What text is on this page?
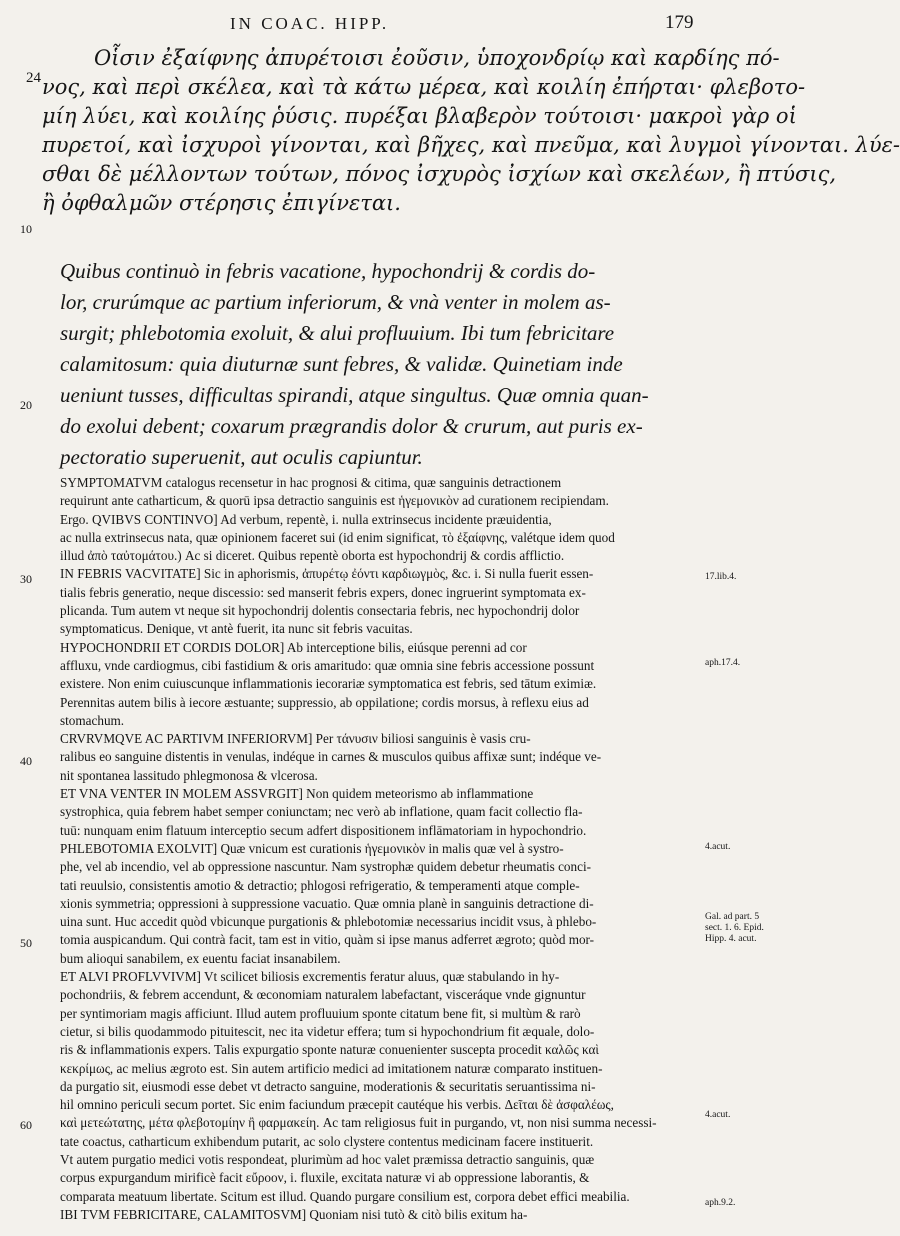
IN COAC. HIPP.	179
24
10
20
30
40
50
60

Οἷσιν ἐξαίφνης ἀπυρέτοισι ἐοῦσιν, ὑποχονδρίῳ καὶ καρδίης πό-

νος, καὶ περὶ σκέλεα, καὶ τὰ κάτω μέρεα, καὶ κοιλίη ἐπήρται· φλεβοτο-

μίη λύει, καὶ κοιλίης ῥύσις. πυρέξαι βλαβερὸν τούτοισι· μακροὶ γὰρ οἱ

πυρετοί, καὶ ἰσχυροὶ γίνονται, καὶ βῆχες, καὶ πνεῦμα, καὶ λυγμοὶ γίνονται. λύε-

σθαι δὲ μέλλοντων τούτων, πόνος ἰσχυρὸς ἰσχίων καὶ σκελέων, ἢ πτύσις,

ἢ ὀφθαλμῶν στέρησις ἐπιγίνεται.

Quibus continuò in febris vacatione, hypochondrij & cordis do-

lor, crurúmque ac partium inferiorum, & vnà venter in molem as-

surgit; phlebotomia exoluit, & alui profluuium. Ibi tum febricitare

calamitosum: quia diuturnæ sunt febres, & validæ. Quinetiam inde

ueniunt tusses, difficultas spirandi, atque singultus. Quæ omnia quan-

do exolui debent; coxarum prægrandis dolor & crurum, aut puris ex-

pectoratio superuenit, aut oculis capiuntur.

SYMPTOMATVM catalogus recensetur in hac prognosi & citima, quæ sanguinis detractionem

requirunt ante catharticum, & quorū ipsa detractio sanguinis est ἡγεμονικὸν ad curationem recipiendam.

Ergo. QVIBVS CONTINVO] Ad verbum, repentè, i. nulla extrinsecus incidente præuidentia,

ac nulla extrinsecus nata, quæ opinionem faceret sui (id enim significat, τὸ ἐξαίφνης, valétque idem quod

illud ἀπὸ ταὐτομάτου.) Ac si diceret. Quibus repentè oborta est hypochondrij & cordis afflictio.

IN FEBRIS VACVITATE] Sic in aphorismis, ἀπυρέτῳ ἐόντι καρδιωγμὸς, &c. i. Si nulla fuerit essen-

tialis febris generatio, neque discessio: sed manserit febris expers, donec ingruerint symptomata ex-

plicanda. Tum autem vt neque sit hypochondrij dolentis consectaria febris, nec hypochondrij dolor

symptomaticus. Denique, vt antè fuerit, ita nunc sit febris vacuitas.

HYPOCHONDRII ET CORDIS DOLOR] Ab interceptione bilis, eiúsque perenni ad cor

affluxu, vnde cardiogmus, cibi fastidium & oris amaritudo: quæ omnia sine febris accessione possunt

existere. Non enim cuiuscunque inflammationis iecorariæ symptomatica est febris, sed tātum eximiæ.

Perennitas autem bilis à iecore æstuante; suppressio, ab oppilatione; cordis morsus, à reflexu eius ad

stomachum.

CRVRVMQVE AC PARTIVM INFERIORVM] Per τάνυσιν biliosi sanguinis è vasis cru-

ralibus eo sanguine distentis in venulas, indéque in carnes & musculos quibus affixæ sunt; indéque ve-

nit spontanea lassitudo phlegmonosa & vlcerosa.

ET VNA VENTER IN MOLEM ASSVRGIT] Non quidem meteorismo ab inflammatione

systrophica, quia febrem habet semper coniunctam; nec verò ab inflatione, quam facit collectio fla-

tuū: nunquam enim flatuum interceptio secum adfert dispositionem inflāmatoriam in hypochondrio.

PHLEBOTOMIA EXOLVIT] Quæ vnicum est curationis ἡγεμονικὸν in malis quæ vel à systro-

phe, vel ab incendio, vel ab oppressione nascuntur. Nam systrophæ quidem debetur rheumatis conci-

tati reuulsio, consistentis amotio & detractio; phlogosi refrigeratio, & temperamenti atque comple-

xionis symmetria; oppressioni à suppressione vacuatio. Quæ omnia planè in sanguinis detractione di-

uina sunt. Huc accedit quòd vbicunque purgationis & phlebotomiæ necessarius incidit vsus, à phlebo-

tomia auspicandum. Qui contrà facit, tam est in vitio, quàm si ipse manus adferret ægroto; quòd mor-

bum alioqui sanabilem, ex euentu faciat insanabilem.

ET ALVI PROFLVVIVM] Vt scilicet biliosis excrementis feratur aluus, quæ stabulando in hy-

pochondriis, & febrem accendunt, & œconomiam naturalem labefactant, visceráque vnde gignuntur

per syntimoriam magis afficiunt. Illud autem profluuium sponte citatum bene fit, si multùm & rarò

cietur, si bilis quodammodo pituitescit, nec ita videtur effera; tum si hypochondrium fit æquale, dolo-

ris & inflammationis expers. Talis expurgatio sponte naturæ conuenienter suscepta procedit καλῶς καὶ

κεκρίμως, ac melius ægroto est. Sin autem artificio medici ad imitationem naturæ comparato instituen-

da purgatio sit, eiusmodi esse debet vt detracto sanguine, moderationis & securitatis seruantissima ni-

hil omnino periculi secum portet. Sic enim faciundum præcepit cautéque his verbis. Δεῖται δὲ ἀσφαλέως,

καὶ μετεώτατης, μέτα φλεβοτομίην ἢ φαρμακείη. Ac tam religiosus fuit in purgando, vt, non nisi summa necessi-

tate coactus, catharticum exhibendum putarit, ac solo clystere contentus medicinam facere instituerit.

Vt autem purgatio medici votis respondeat, plurimùm ad hoc valet præmissa detractio sanguinis, quæ

corpus expurgandum mirificè facit εὔροον, i. fluxile, excitata naturæ vi ab oppressione laborantis, &

comparata meatuum libertate. Scitum est illud. Quando purgare consilium est, corpora debet effici meabilia.

IBI TVM FEBRICITARE, CALAMITOSVM] Quoniam nisi tutò & citò bilis exitum ha-

17.lib.4.
aph.17.4.
4.acut.
Gal. ad part. 5
sect. 1. 6. Epid.
Hipp. 4. acut.
4.acut.
aph.9.2.
